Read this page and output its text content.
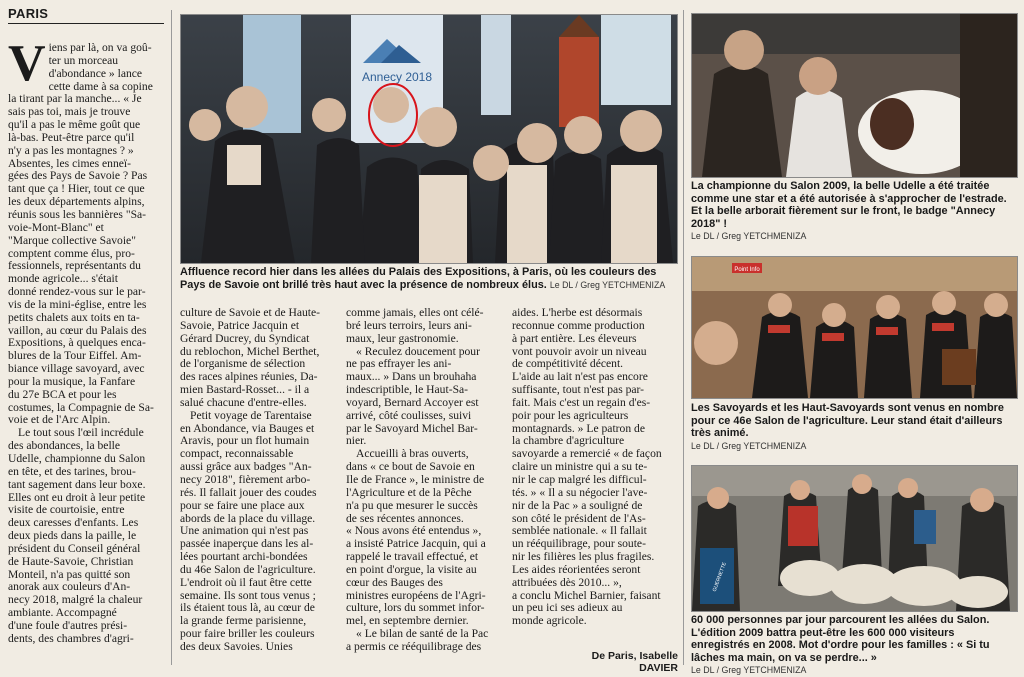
PARIS
V iens par là, on va goû-
ter un morceau
d'abondance » lance
cette dame à sa copine
la tirant par la manche... « Je
sais pas toi, mais je trouve
qu'il a pas le même goût que
là-bas. Peut-être parce qu'il
n'y a pas les montagnes ? »
Absentes, les cimes enneï-
gées des Pays de Savoie ? Pas
tant que ça ! Hier, tout ce que
les deux départements alpins,
réunis sous les bannières "Sa-
voie-Mont-Blanc" et
"Marque collective Savoie"
comptent comme élus, pro-
fessionnels, représentants du
monde agricole... s'était
donné rendez-vous sur le par-
vis de la mini-église, entre les
petits chalets aux toits en ta-
vaillon, au cœur du Palais des
Expositions, à quelques enca-
blures de la Tour Eiffel. Am-
biance village savoyard, avec
pour la musique, la Fanfare
du 27e BCA et pour les
costumes, la Compagnie de Sa-
voie et de l'Arc Alpin.
Le tout sous l'œil incrédule
des abondances, la belle
Udelle, championne du Salon
en tête, et des tarines, brou-
tant sagement dans leur boxe.
Elles ont eu droit à leur petite
visite de courtoisie, entre
deux caresses d'enfants. Les
deux pieds dans la paille, le
président du Conseil général
de Haute-Savoie, Christian
Monteil, n'a pas quitté son
anorak aux couleurs d'An-
necy 2018, malgré la chaleur
ambiante. Accompagné
d'une foule d'autres prési-
dents, des chambres d'agri-
Annecy 2018
Affluence record hier dans les allées du Palais des Expositions, à Paris, où les couleurs des Pays de Savoie ont brillé très haut avec la présence de nombreux élus. Le DL / Greg YETCHMENIZA
culture de Savoie et de Haute-
Savoie, Patrice Jacquin et
Gérard Ducrey, du Syndicat
du reblochon, Michel Berthet,
de l'organisme de sélection
des races alpines réunies, Da-
mien Bastard-Rosset... - il a
salué chacune d'entre-elles.
Petit voyage de Tarentaise
en Abondance, via Bauges et
Aravis, pour un flot humain
compact, reconnaissable
aussi grâce aux badges "An-
necy 2018", fièrement arbo-
rés. Il fallait jouer des coudes
pour se faire une place aux
abords de la place du village.
Une animation qui n'est pas
passée inaperçue dans les al-
lées pourtant archi-bondées
du 46e Salon de l'agriculture.
L'endroit où il faut être cette
semaine. Ils sont tous venus ;
ils étaient tous là, au cœur de
la grande ferme parisienne,
pour faire briller les couleurs
des deux Savoies. Unies
comme jamais, elles ont célé-
bré leurs terroirs, leurs ani-
maux, leur gastronomie.
« Reculez doucement pour
ne pas effrayer les ani-
maux... » Dans un brouhaha
indescriptible, le Haut-Sa-
voyard, Bernard Accoyer est
arrivé, côté coulisses, suivi
par le Savoyard Michel Bar-
nier.
Accueilli à bras ouverts,
dans « ce bout de Savoie en
Ile de France », le ministre de
l'Agriculture et de la Pêche
n'a pu que mesurer le succès
de ses récentes annonces.
« Nous avons été entendus »,
a insisté Patrice Jacquin, qui a
rappelé le travail effectué, et
en point d'orgue, la visite au
cœur des Bauges des
ministres européens de l'Agri-
culture, lors du sommet infor-
mel, en septembre dernier.
« Le bilan de santé de la Pac
a permis ce rééquilibrage des
aides. L'herbe est désormais
reconnue comme production
à part entière. Les éleveurs
vont pouvoir avoir un niveau
de compétitivité décent.
L'aide au lait n'est pas encore
suffisante, tout n'est pas par-
fait. Mais c'est un regain d'es-
poir pour les agriculteurs
montagnards. » Le patron de
la chambre d'agriculture
savoyarde a remercié « de façon
claire un ministre qui a su te-
nir le cap malgré les difficul-
tés. » « Il a su négocier l'ave-
nir de la Pac » a souligné de
son côté le président de l'As-
semblée nationale. « Il fallait
un rééquilibrage, pour soute-
nir les filières les plus fragiles.
Les aides réorientées seront
attribuées dès 2010... »,
a conclu Michel Barnier, faisant
un peu ici ses adieux au
monde agricole.
De Paris, Isabelle DAVIER
La championne du Salon 2009, la belle Udelle a été traitée comme une star et a été autorisée à s'approcher de l'estrade. Et la belle arborait fièrement sur le front, le badge "Annecy 2018" !
Le DL / Greg YETCHMENIZA
Point Info
Les Savoyards et les Haut-Savoyards sont venus en nombre pour ce 46e Salon de l'agriculture. Leur stand était d'ailleurs très animé.
Le DL / Greg YETCHMENIZA
GUERNETTE
60 000 personnes par jour parcourent les allées du Salon. L'édition 2009 battra peut-être les 600 000 visiteurs enregistrés en 2008. Mot d'ordre pour les familles : « Si tu lâches ma main, on va se perdre... »
Le DL / Greg YETCHMENIZA
